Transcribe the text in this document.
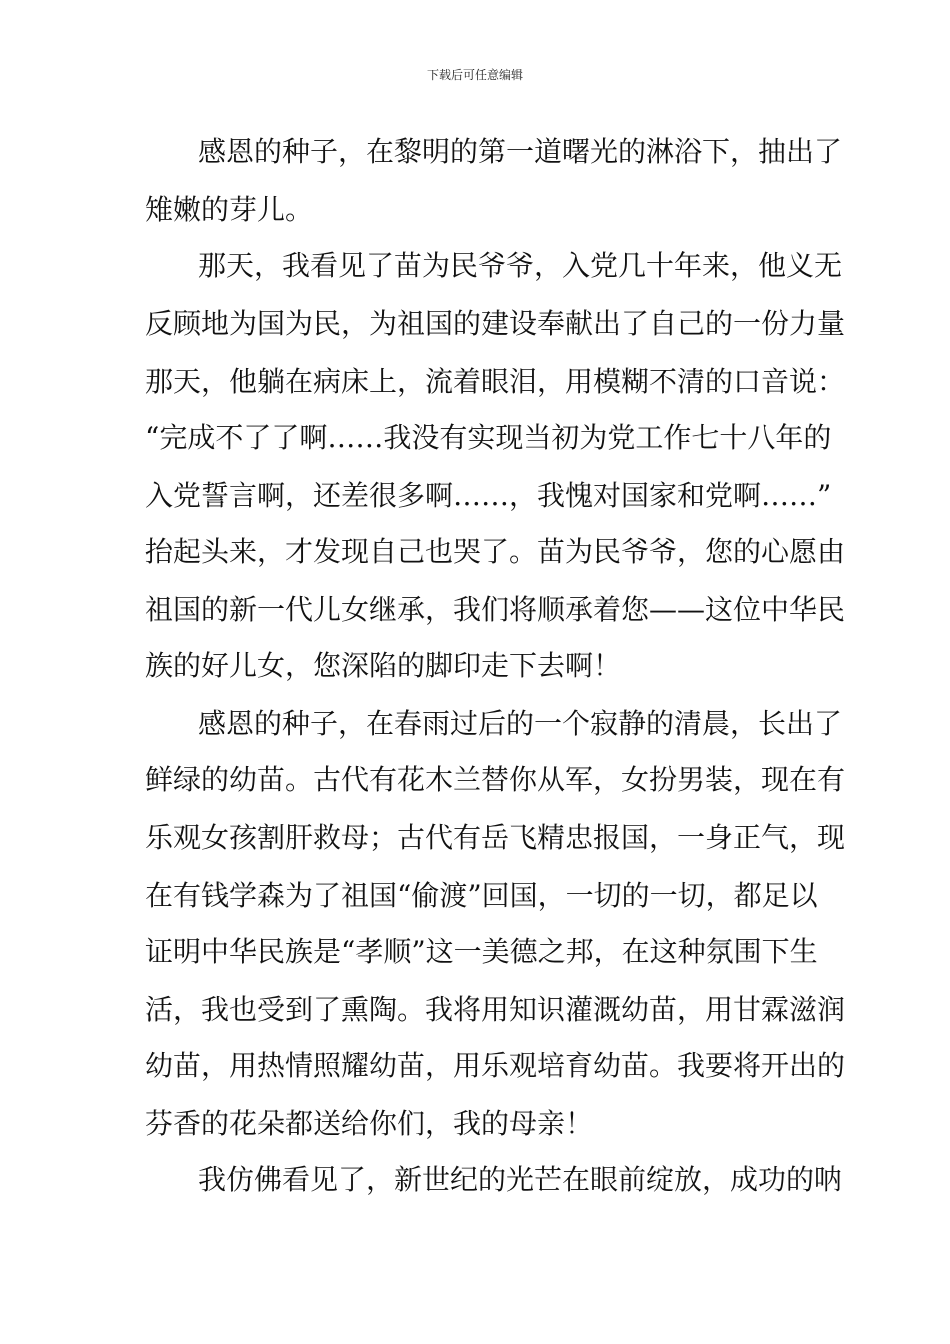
下载后可任意编辑
感恩的种子，在黎明的第一道曙光的淋浴下，抽出了
雉嫩的芽儿。
那天，我看见了苗为民爷爷，入党几十年来，他义无
反顾地为国为民，为祖国的建设奉献出了自己的一份力量
那天，他躺在病床上，流着眼泪，用模糊不清的口音说：
“完成不了了啊……我没有实现当初为党工作七十八年的
入党誓言啊，还差很多啊……，我愧对国家和党啊……”
抬起头来，才发现自己也哭了。苗为民爷爷，您的心愿由
祖国的新一代儿女继承，我们将顺承着您——这位中华民
族的好儿女，您深陷的脚印走下去啊！
感恩的种子，在春雨过后的一个寂静的清晨，长出了
鲜绿的幼苗。古代有花木兰替你从军，女扮男装，现在有
乐观女孩割肝救母；古代有岳飞精忠报国，一身正气，现
在有钱学森为了祖国“偷渡”回国，一切的一切，都足以
证明中华民族是“孝顺”这一美德之邦，在这种氛围下生
活，我也受到了熏陶。我将用知识灌溉幼苗，用甘霖滋润
幼苗，用热情照耀幼苗，用乐观培育幼苗。我要将开出的
芬香的花朵都送给你们，我的母亲！
我仿佛看见了，新世纪的光芒在眼前绽放，成功的呐
